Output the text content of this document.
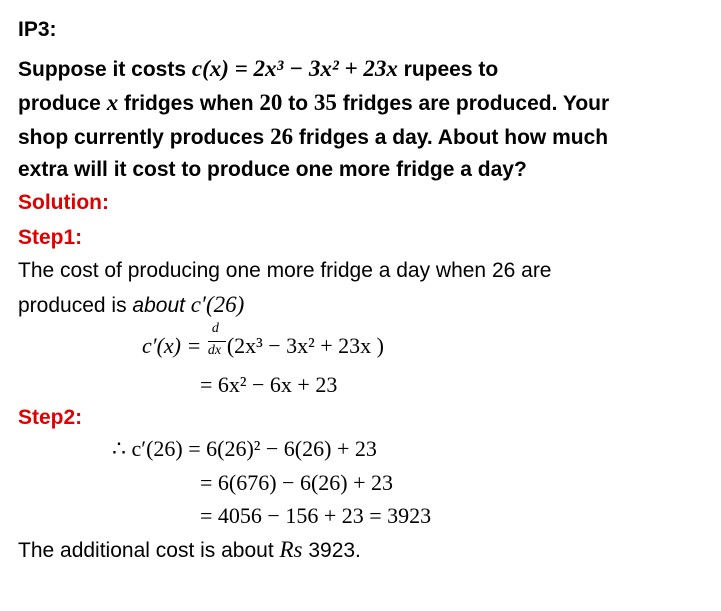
IP3:
Suppose it costs c(x) = 2x³ − 3x² + 23x rupees to
produce x fridges when 20 to 35 fridges are produced. Your
shop currently produces 26 fridges a day. About how much
extra will it cost to produce one more fridge a day?
Solution:
Step1:
The cost of producing one more fridge a day when 26 are
produced is about c′(26)
$c'(x) = \frac{d}{dx} (2x^3 - 3x^2 + 23x$ )
= 6x² − 6x + 23
Step2:
∴ c′(26) = 6(26)² − 6(26) + 23
= 6(676) − 6(26) + 23
= 4056 − 156 + 23 = 3923
The additional cost is about Rs 3923.
